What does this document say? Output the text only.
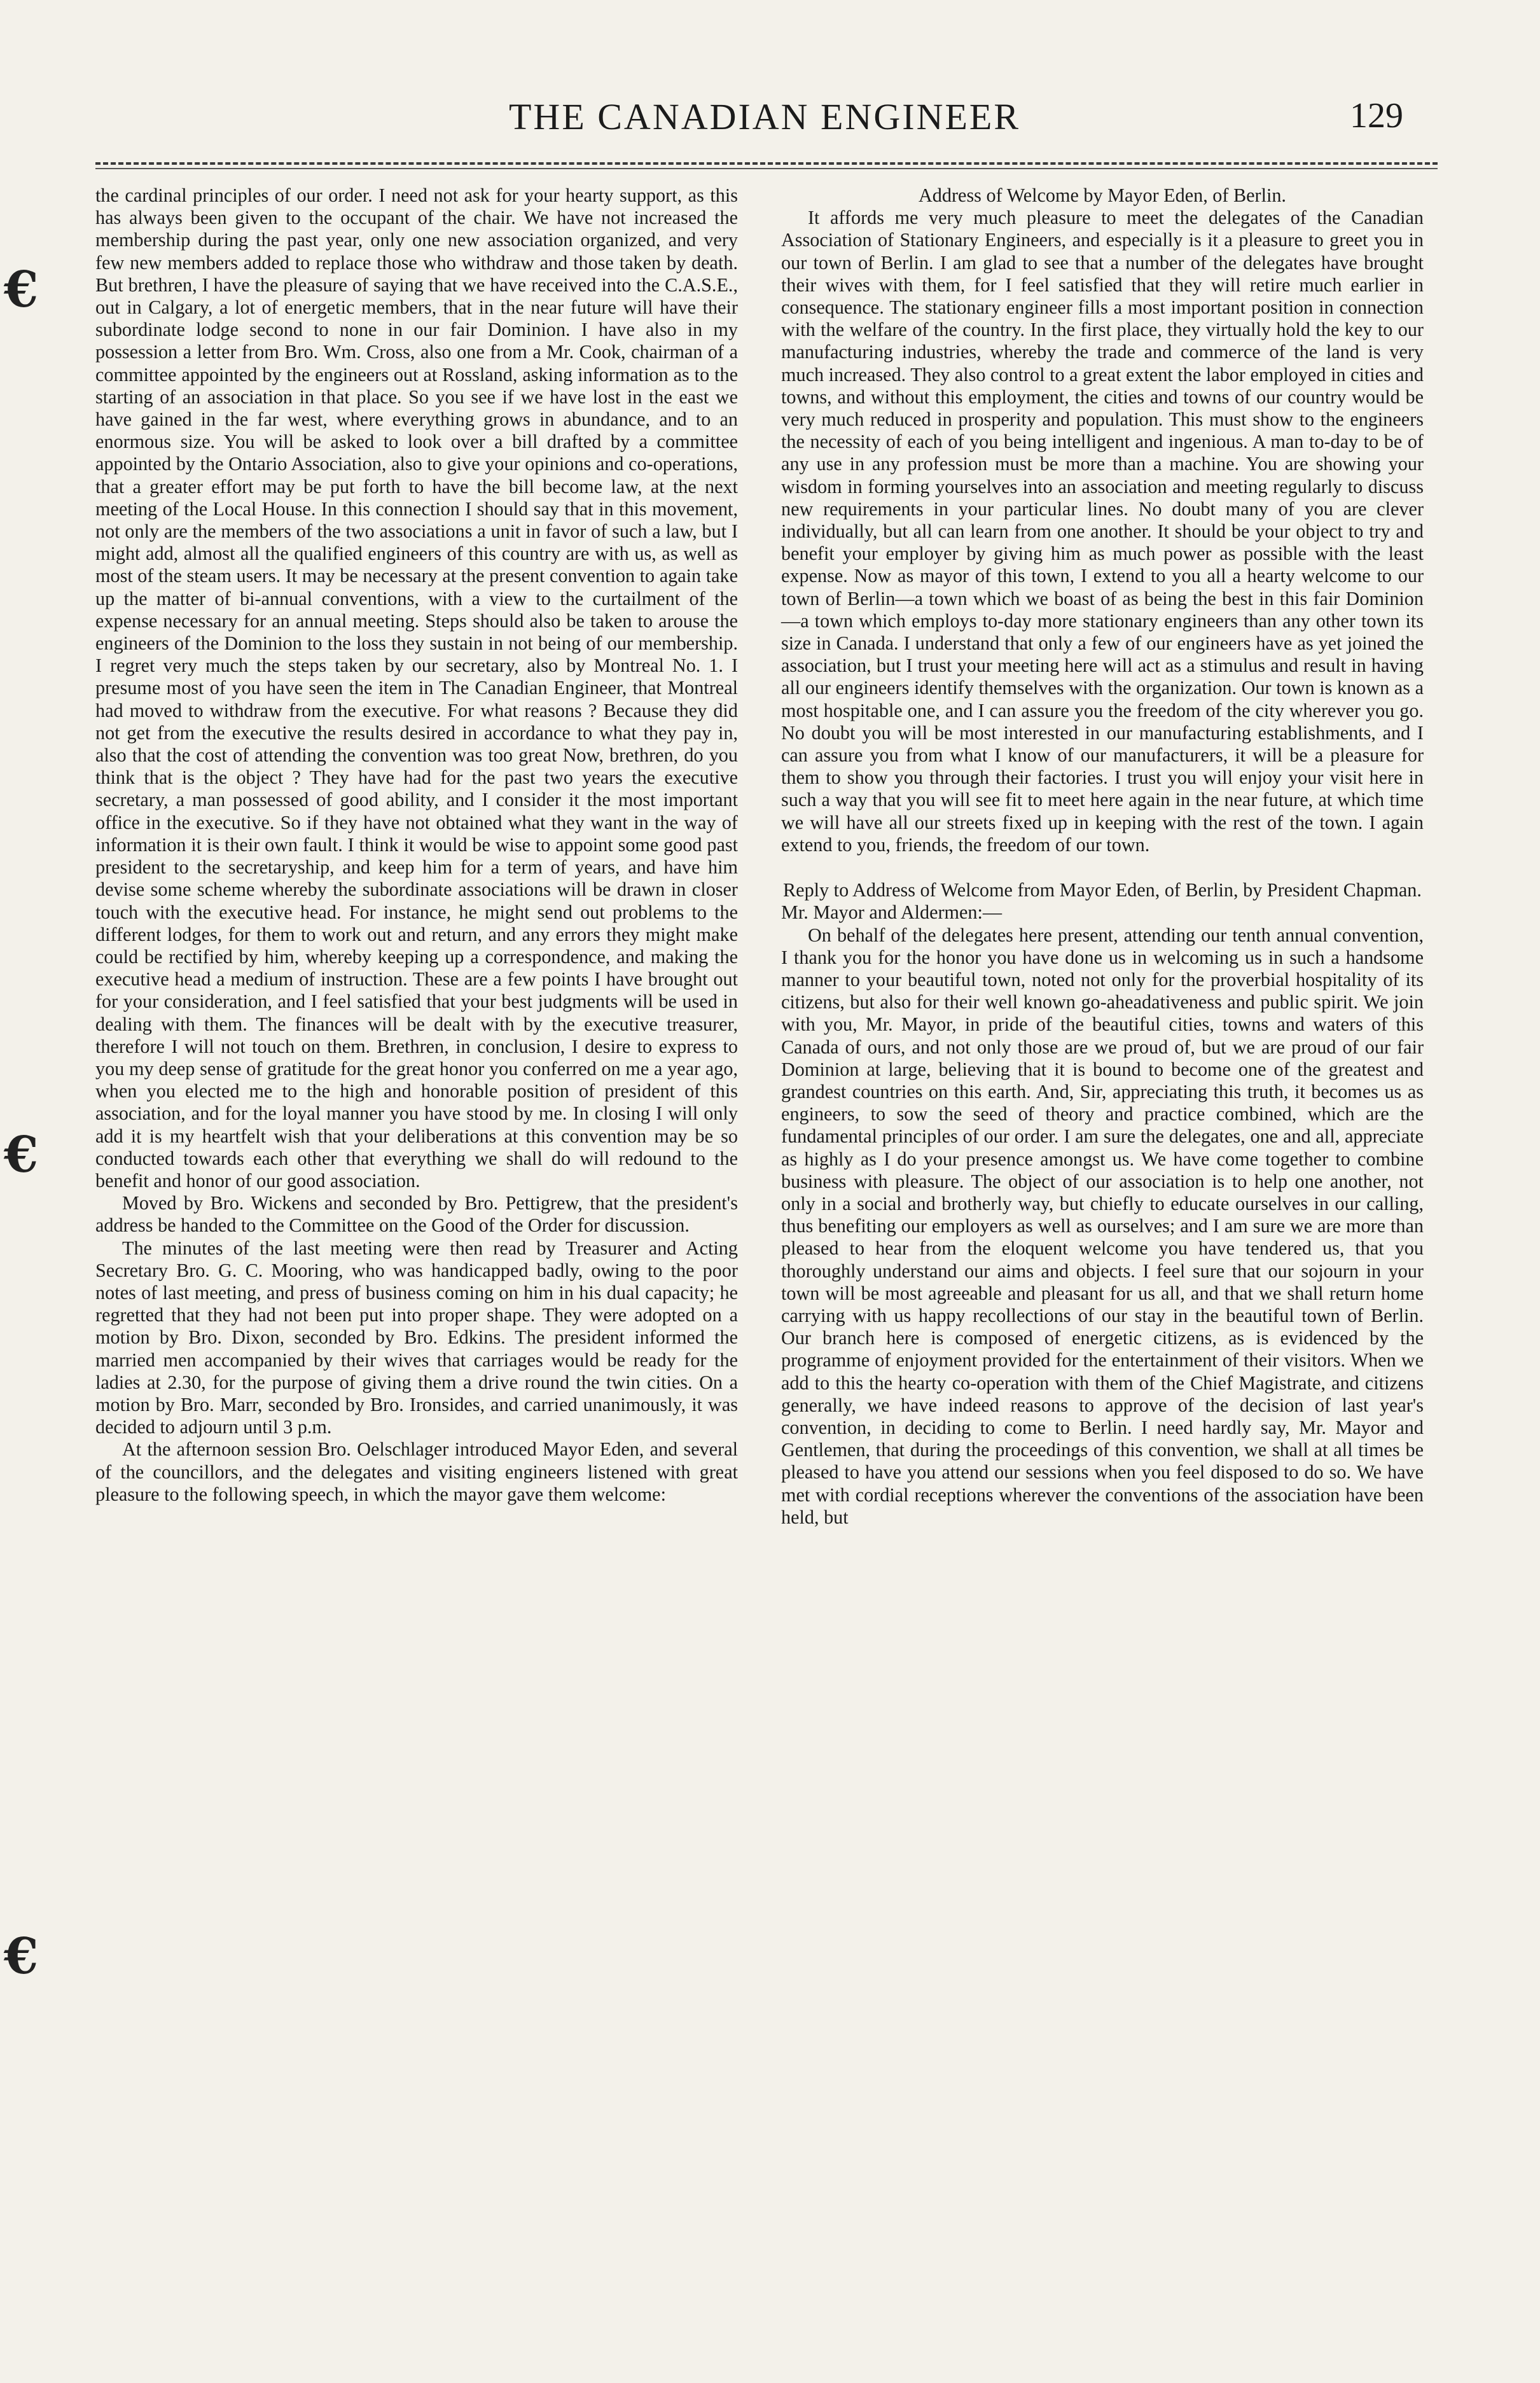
THE CANADIAN ENGINEER	129
€
€
€

the cardinal principles of our order. I need not ask for your hearty support, as this has always been given to the occupant of the chair. We have not increased the membership during the past year, only one new association organized, and very few new members added to replace those who withdraw and those taken by death. But brethren, I have the pleasure of saying that we have received into the C.A.S.E., out in Calgary, a lot of energetic members, that in the near future will have their subordinate lodge second to none in our fair Dominion. I have also in my possession a letter from Bro. Wm. Cross, also one from a Mr. Cook, chairman of a committee appointed by the engineers out at Rossland, asking information as to the starting of an association in that place. So you see if we have lost in the east we have gained in the far west, where everything grows in abundance, and to an enormous size. You will be asked to look over a bill drafted by a committee appointed by the Ontario Association, also to give your opinions and co-operations, that a greater effort may be put forth to have the bill become law, at the next meeting of the Local House. In this connection I should say that in this movement, not only are the members of the two associations a unit in favor of such a law, but I might add, almost all the qualified engineers of this country are with us, as well as most of the steam users. It may be necessary at the present convention to again take up the matter of bi-annual conventions, with a view to the curtailment of the expense necessary for an annual meeting. Steps should also be taken to arouse the engineers of the Dominion to the loss they sustain in not being of our membership. I regret very much the steps taken by our secretary, also by Montreal No. 1. I presume most of you have seen the item in The Canadian Engineer, that Montreal had moved to withdraw from the executive. For what reasons ? Because they did not get from the executive the results desired in accordance to what they pay in, also that the cost of attending the convention was too great Now, brethren, do you think that is the object ? They have had for the past two years the executive secretary, a man possessed of good ability, and I consider it the most important office in the executive. So if they have not obtained what they want in the way of information it is their own fault. I think it would be wise to appoint some good past president to the secretaryship, and keep him for a term of years, and have him devise some scheme whereby the subordinate associations will be drawn in closer touch with the executive head. For instance, he might send out problems to the different lodges, for them to work out and return, and any errors they might make could be rectified by him, whereby keeping up a correspondence, and making the executive head a medium of instruction. These are a few points I have brought out for your consideration, and I feel satisfied that your best judgments will be used in dealing with them. The finances will be dealt with by the executive treasurer, therefore I will not touch on them. Brethren, in conclusion, I desire to express to you my deep sense of gratitude for the great honor you conferred on me a year ago, when you elected me to the high and honorable position of president of this association, and for the loyal manner you have stood by me. In closing I will only add it is my heartfelt wish that your deliberations at this convention may be so conducted towards each other that everything we shall do will redound to the benefit and honor of our good association.

Moved by Bro. Wickens and seconded by Bro. Pettigrew, that the president's address be handed to the Committee on the Good of the Order for discussion.

The minutes of the last meeting were then read by Treasurer and Acting Secretary Bro. G. C. Mooring, who was handicapped badly, owing to the poor notes of last meeting, and press of business coming on him in his dual capacity; he regretted that they had not been put into proper shape. They were adopted on a motion by Bro. Dixon, seconded by Bro. Edkins. The president informed the married men accompanied by their wives that carriages would be ready for the ladies at 2.30, for the purpose of giving them a drive round the twin cities. On a motion by Bro. Marr, seconded by Bro. Ironsides, and carried unanimously, it was decided to adjourn until 3 p.m.

At the afternoon session Bro. Oelschlager introduced Mayor Eden, and several of the councillors, and the delegates and visiting engineers listened with great pleasure to the following speech, in which the mayor gave them welcome:

Address of Welcome by Mayor Eden, of Berlin.

It affords me very much pleasure to meet the delegates of the Canadian Association of Stationary Engineers, and especially is it a pleasure to greet you in our town of Berlin. I am glad to see that a number of the delegates have brought their wives with them, for I feel satisfied that they will retire much earlier in consequence. The stationary engineer fills a most important position in connection with the welfare of the country. In the first place, they virtually hold the key to our manufacturing industries, whereby the trade and commerce of the land is very much increased. They also control to a great extent the labor employed in cities and towns, and without this employment, the cities and towns of our country would be very much reduced in prosperity and population. This must show to the engineers the necessity of each of you being intelligent and ingenious. A man to-day to be of any use in any profession must be more than a machine. You are showing your wisdom in forming yourselves into an association and meeting regularly to discuss new requirements in your particular lines. No doubt many of you are clever individually, but all can learn from one another. It should be your object to try and benefit your employer by giving him as much power as possible with the least expense. Now as mayor of this town, I extend to you all a hearty welcome to our town of Berlin—a town which we boast of as being the best in this fair Dominion—a town which employs to-day more stationary engineers than any other town its size in Canada. I understand that only a few of our engineers have as yet joined the association, but I trust your meeting here will act as a stimulus and result in having all our engineers identify themselves with the organization. Our town is known as a most hospitable one, and I can assure you the freedom of the city wherever you go. No doubt you will be most interested in our manufacturing establishments, and I can assure you from what I know of our manufacturers, it will be a pleasure for them to show you through their factories. I trust you will enjoy your visit here in such a way that you will see fit to meet here again in the near future, at which time we will have all our streets fixed up in keeping with the rest of the town. I again extend to you, friends, the freedom of our town.

Reply to Address of Welcome from Mayor Eden, of Berlin, by President Chapman.

Mr. Mayor and Aldermen:—

On behalf of the delegates here present, attending our tenth annual convention, I thank you for the honor you have done us in welcoming us in such a handsome manner to your beautiful town, noted not only for the proverbial hospitality of its citizens, but also for their well known go-aheadativeness and public spirit. We join with you, Mr. Mayor, in pride of the beautiful cities, towns and waters of this Canada of ours, and not only those are we proud of, but we are proud of our fair Dominion at large, believing that it is bound to become one of the greatest and grandest countries on this earth. And, Sir, appreciating this truth, it becomes us as engineers, to sow the seed of theory and practice combined, which are the fundamental principles of our order. I am sure the delegates, one and all, appreciate as highly as I do your presence amongst us. We have come together to combine business with pleasure. The object of our association is to help one another, not only in a social and brotherly way, but chiefly to educate ourselves in our calling, thus benefiting our employers as well as ourselves; and I am sure we are more than pleased to hear from the eloquent welcome you have tendered us, that you thoroughly understand our aims and objects. I feel sure that our sojourn in your town will be most agreeable and pleasant for us all, and that we shall return home carrying with us happy recollections of our stay in the beautiful town of Berlin. Our branch here is composed of energetic citizens, as is evidenced by the programme of enjoyment provided for the entertainment of their visitors. When we add to this the hearty co-operation with them of the Chief Magistrate, and citizens generally, we have indeed reasons to approve of the decision of last year's convention, in deciding to come to Berlin. I need hardly say, Mr. Mayor and Gentlemen, that during the proceedings of this convention, we shall at all times be pleased to have you attend our sessions when you feel disposed to do so. We have met with cordial receptions wherever the conventions of the association have been held, but
